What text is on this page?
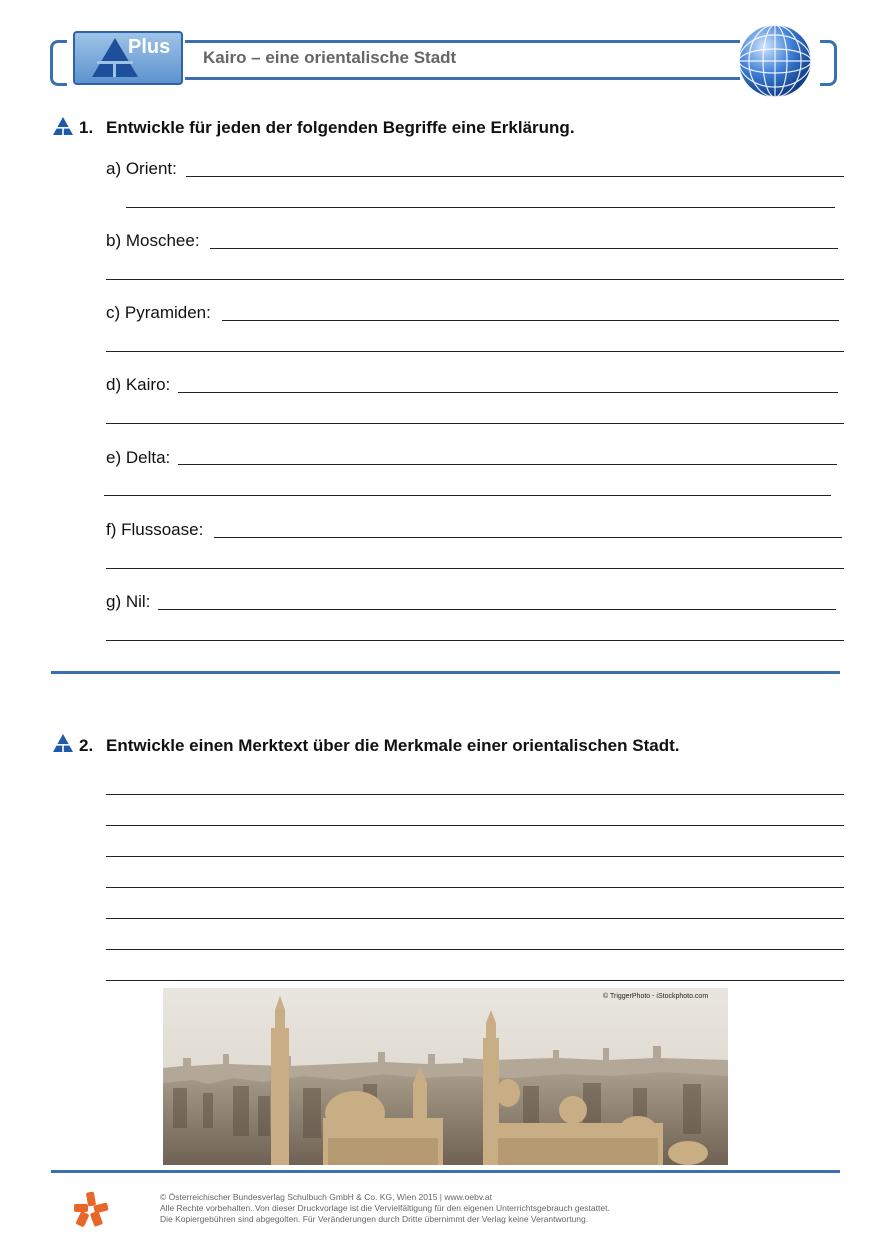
Plus Kairo – eine orientalische Stadt
1. Entwickle für jeden der folgenden Begriffe eine Erklärung.
a) Orient:
b) Moschee:
c) Pyramiden:
d) Kairo:
e) Delta:
f) Flussoase:
g) Nil:
2. Entwickle einen Merktext über die Merkmale einer orientalischen Stadt.
© TriggerPhoto - iStockphoto.com
© Österreichischer Bundesverlag Schulbuch GmbH & Co. KG, Wien 2015 | www.oebv.at
Alle Rechte vorbehalten. Von dieser Druckvorlage ist die Vervielfältigung für den eigenen Unterrichtsgebrauch gestattet.
Die Kopiergebühren sind abgegolten. Für Veränderungen durch Dritte übernimmt der Verlag keine Verantwortung.
